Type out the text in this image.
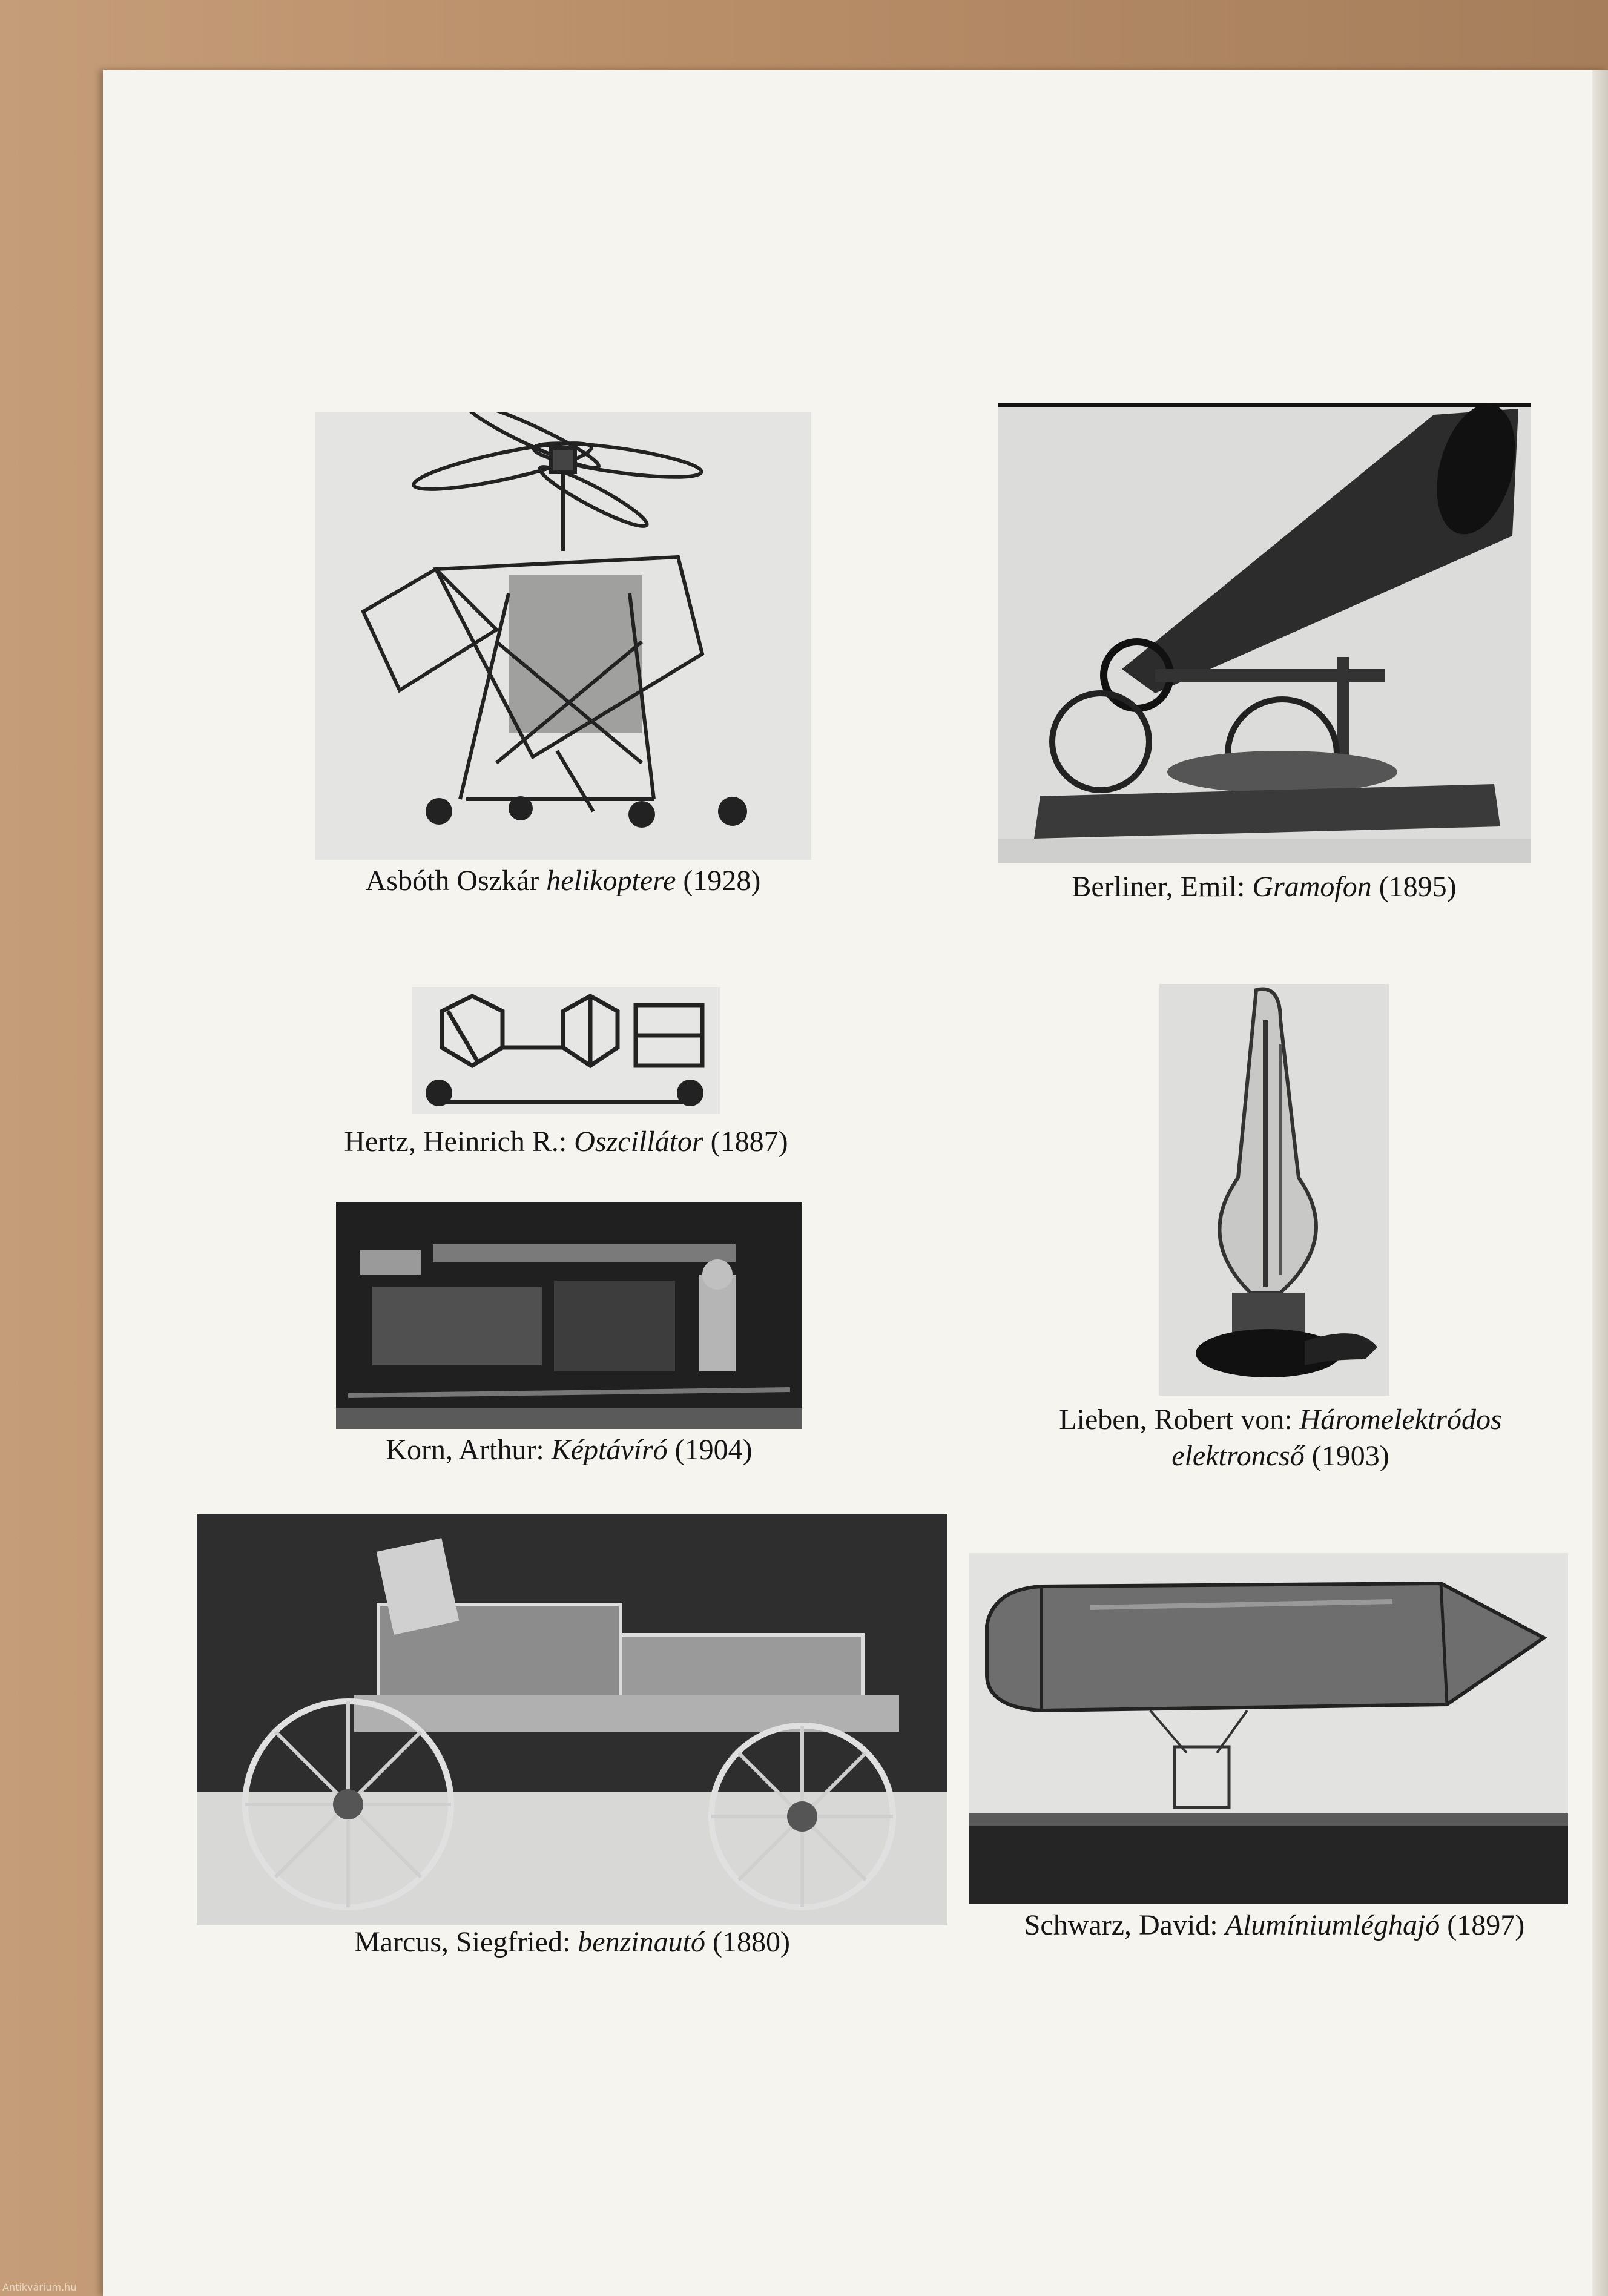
Asbóth Oszkár helikoptere (1928)	Berliner, Emil: Gramofon (1895)
Hertz, Heinrich R.: Oszcillátor (1887)
Lieben, Robert von: Háromelektródos
elektroncső (1903)
Korn, Arthur: Képtávíró (1904)
Marcus, Siegfried: benzinautó (1880)
Schwarz, David: Alumíniumléghajó (1897)
Antikvárium.hu
